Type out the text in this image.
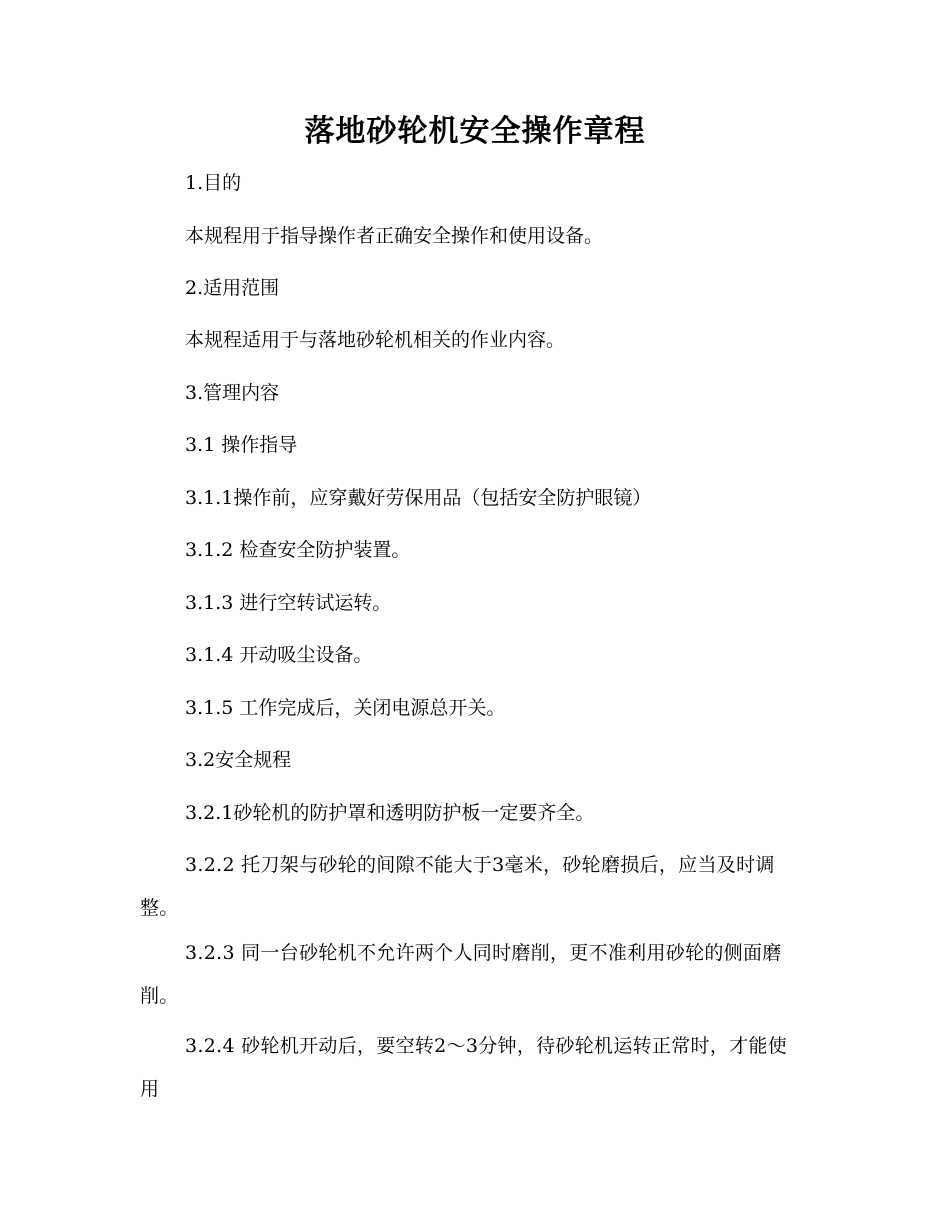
落地砂轮机安全操作章程

1.目的

本规程用于指导操作者正确安全操作和使用设备。

2.适用范围

本规程适用于与落地砂轮机相关的作业内容。

3.管理内容

3.1 操作指导

3.1.1操作前，应穿戴好劳保用品（包括安全防护眼镜）

3.1.2 检查安全防护装置。

3.1.3 进行空转试运转。

3.1.4 开动吸尘设备。

3.1.5 工作完成后，关闭电源总开关。

3.2安全规程

3.2.1砂轮机的防护罩和透明防护板一定要齐全。

3.2.2 托刀架与砂轮的间隙不能大于3毫米，砂轮磨损后，应当及时调整。

3.2.3 同一台砂轮机不允许两个人同时磨削，更不准利用砂轮的侧面磨削。

3.2.4 砂轮机开动后，要空转2～3分钟，待砂轮机运转正常时，才能使用
